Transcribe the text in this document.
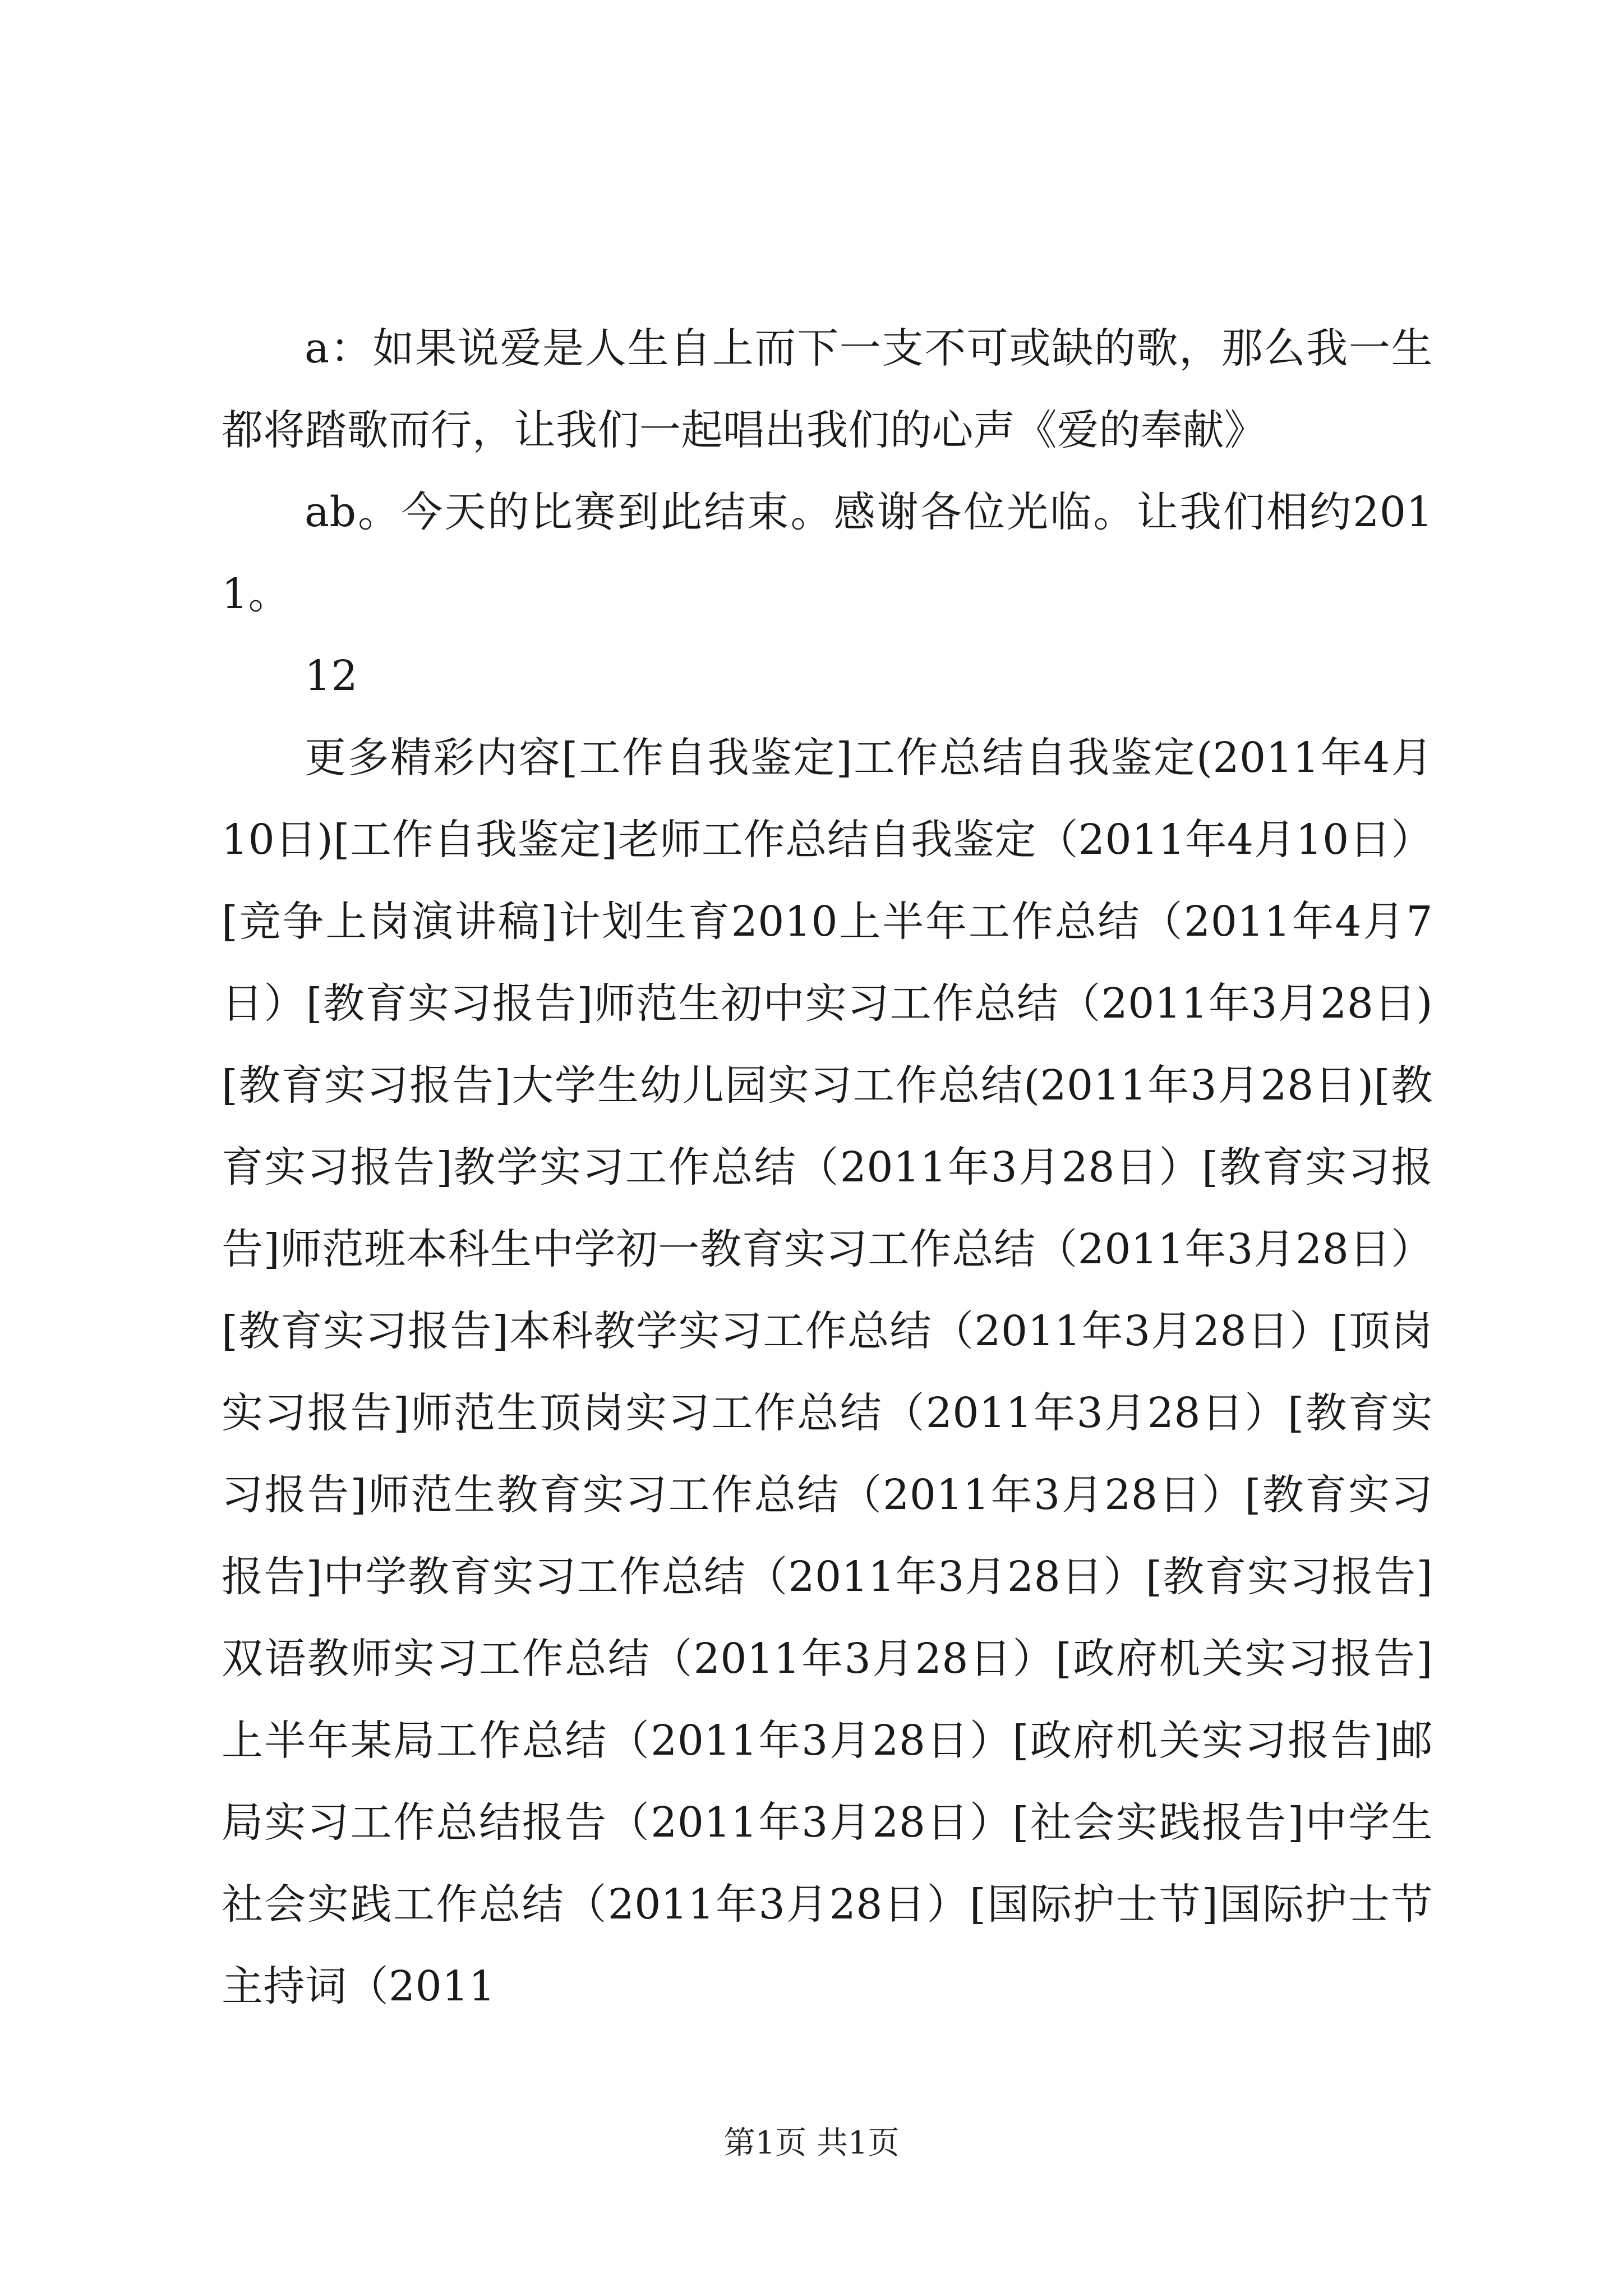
a：如果说爱是人生自上而下一支不可或缺的歌，那么我一生都将踏歌而行，让我们一起唱出我们的心声《爱的奉献》

ab。今天的比赛到此结束。感谢各位光临。让我们相约2011。

12

更多精彩内容[工作自我鉴定]工作总结自我鉴定(2011年4月10日)[工作自我鉴定]老师工作总结自我鉴定（2011年4月10日）[竞争上岗演讲稿]计划生育2010上半年工作总结（2011年4月7日）[教育实习报告]师范生初中实习工作总结（2011年3月28日)[教育实习报告]大学生幼儿园实习工作总结(2011年3月28日)[教育实习报告]教学实习工作总结（2011年3月28日）[教育实习报告]师范班本科生中学初一教育实习工作总结（2011年3月28日）[教育实习报告]本科教学实习工作总结（2011年3月28日）[顶岗实习报告]师范生顶岗实习工作总结（2011年3月28日）[教育实习报告]师范生教育实习工作总结（2011年3月28日）[教育实习报告]中学教育实习工作总结（2011年3月28日）[教育实习报告]双语教师实习工作总结（2011年3月28日）[政府机关实习报告]上半年某局工作总结（2011年3月28日）[政府机关实习报告]邮局实习工作总结报告（2011年3月28日）[社会实践报告]中学生社会实践工作总结（2011年3月28日）[国际护士节]国际护士节主持词（2011

第1页 共1页
